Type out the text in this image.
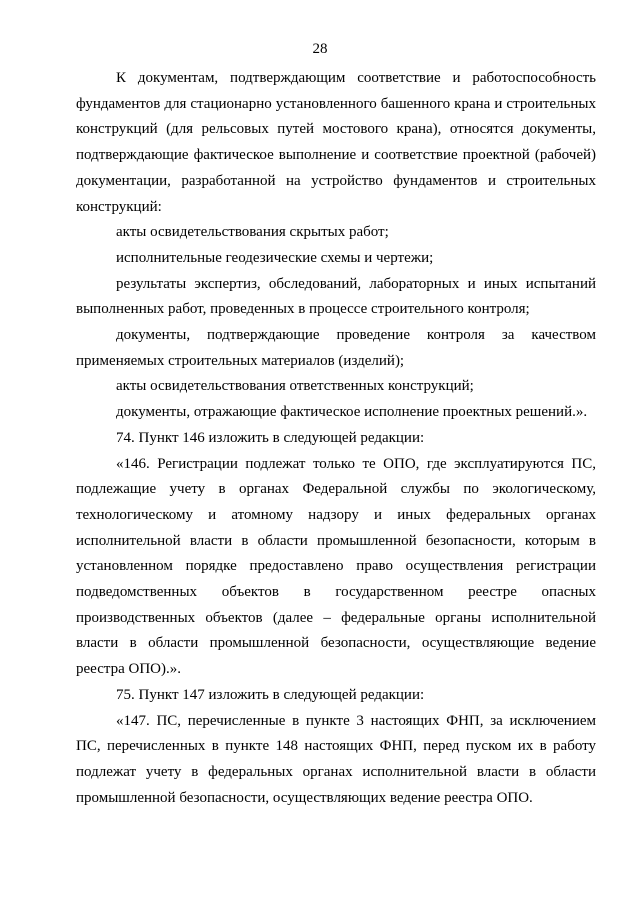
28

К документам, подтверждающим соответствие и работоспособность фундаментов для стационарно установленного башенного крана и строительных конструкций (для рельсовых путей мостового крана), относятся документы, подтверждающие фактическое выполнение и соответствие проектной (рабочей) документации, разработанной на устройство фундаментов и строительных конструкций:

акты освидетельствования скрытых работ;

исполнительные геодезические схемы и чертежи;

результаты экспертиз, обследований, лабораторных и иных испытаний выполненных работ, проведенных в процессе строительного контроля;

документы, подтверждающие проведение контроля за качеством применяемых строительных материалов (изделий);

акты освидетельствования ответственных конструкций;

документы, отражающие фактическое исполнение проектных решений.».

74. Пункт 146 изложить в следующей редакции:

«146. Регистрации подлежат только те ОПО, где эксплуатируются ПС, подлежащие учету в органах Федеральной службы по экологическому, технологическому и атомному надзору и иных федеральных органах исполнительной власти в области промышленной безопасности, которым в установленном порядке предоставлено право осуществления регистрации подведомственных объектов в государственном реестре опасных производственных объектов (далее – федеральные органы исполнительной власти в области промышленной безопасности, осуществляющие ведение реестра ОПО).».

75. Пункт 147 изложить в следующей редакции:

«147. ПС, перечисленные в пункте 3 настоящих ФНП, за исключением ПС, перечисленных в пункте 148 настоящих ФНП, перед пуском их в работу подлежат учету в федеральных органах исполнительной власти в области промышленной безопасности, осуществляющих ведение реестра ОПО.
